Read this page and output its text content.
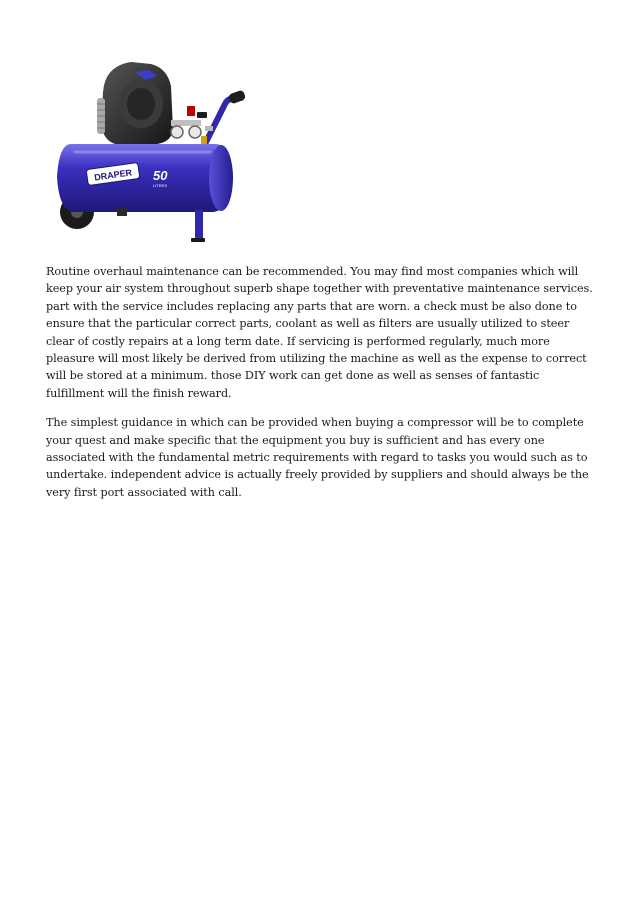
DRAPER 50
LITRES

Routine overhaul maintenance can be recommended. You may find most companies which will keep your air system throughout superb shape together with preventative maintenance services. part with the service includes replacing any parts that are worn. a check must be also done to ensure that the particular correct parts, coolant as well as filters are usually utilized to steer clear of costly repairs at a long term date. If servicing is performed regularly, much more pleasure will most likely be derived from utilizing the machine as well as the expense to correct will be stored at a minimum. those DIY work can get done as well as senses of fantastic fulfillment will the finish reward.

The simplest guidance in which can be provided when buying a compressor will be to complete your quest and make specific that the equipment you buy is sufficient and has every one associated with the fundamental metric requirements with regard to tasks you would such as to undertake. independent advice is actually freely provided by suppliers and should always be the very first port associated with call.
